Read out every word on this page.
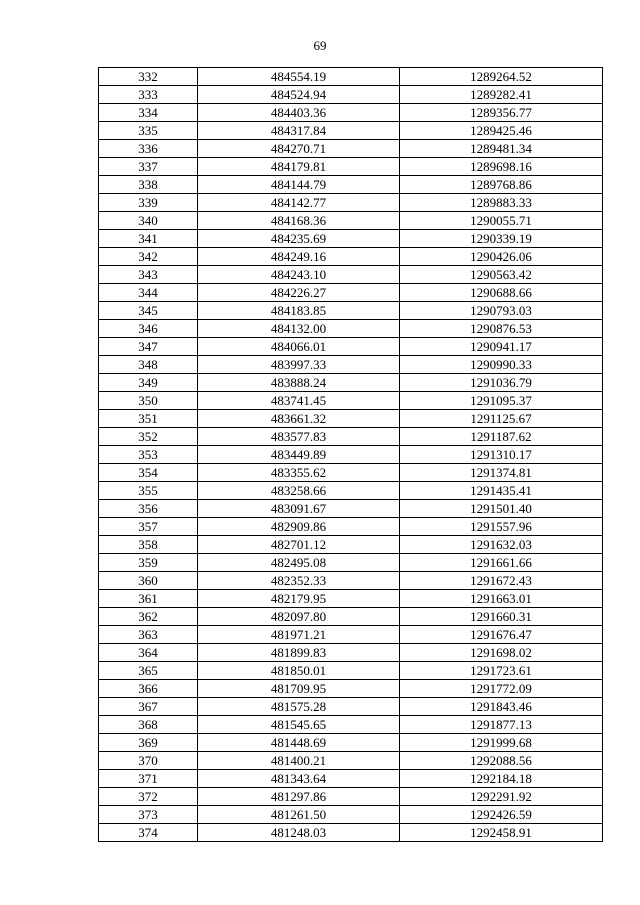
69
332	484554.19	1289264.52
333	484524.94	1289282.41
334	484403.36	1289356.77
335	484317.84	1289425.46
336	484270.71	1289481.34
337	484179.81	1289698.16
338	484144.79	1289768.86
339	484142.77	1289883.33
340	484168.36	1290055.71
341	484235.69	1290339.19
342	484249.16	1290426.06
343	484243.10	1290563.42
344	484226.27	1290688.66
345	484183.85	1290793.03
346	484132.00	1290876.53
347	484066.01	1290941.17
348	483997.33	1290990.33
349	483888.24	1291036.79
350	483741.45	1291095.37
351	483661.32	1291125.67
352	483577.83	1291187.62
353	483449.89	1291310.17
354	483355.62	1291374.81
355	483258.66	1291435.41
356	483091.67	1291501.40
357	482909.86	1291557.96
358	482701.12	1291632.03
359	482495.08	1291661.66
360	482352.33	1291672.43
361	482179.95	1291663.01
362	482097.80	1291660.31
363	481971.21	1291676.47
364	481899.83	1291698.02
365	481850.01	1291723.61
366	481709.95	1291772.09
367	481575.28	1291843.46
368	481545.65	1291877.13
369	481448.69	1291999.68
370	481400.21	1292088.56
371	481343.64	1292184.18
372	481297.86	1292291.92
373	481261.50	1292426.59
374	481248.03	1292458.91
